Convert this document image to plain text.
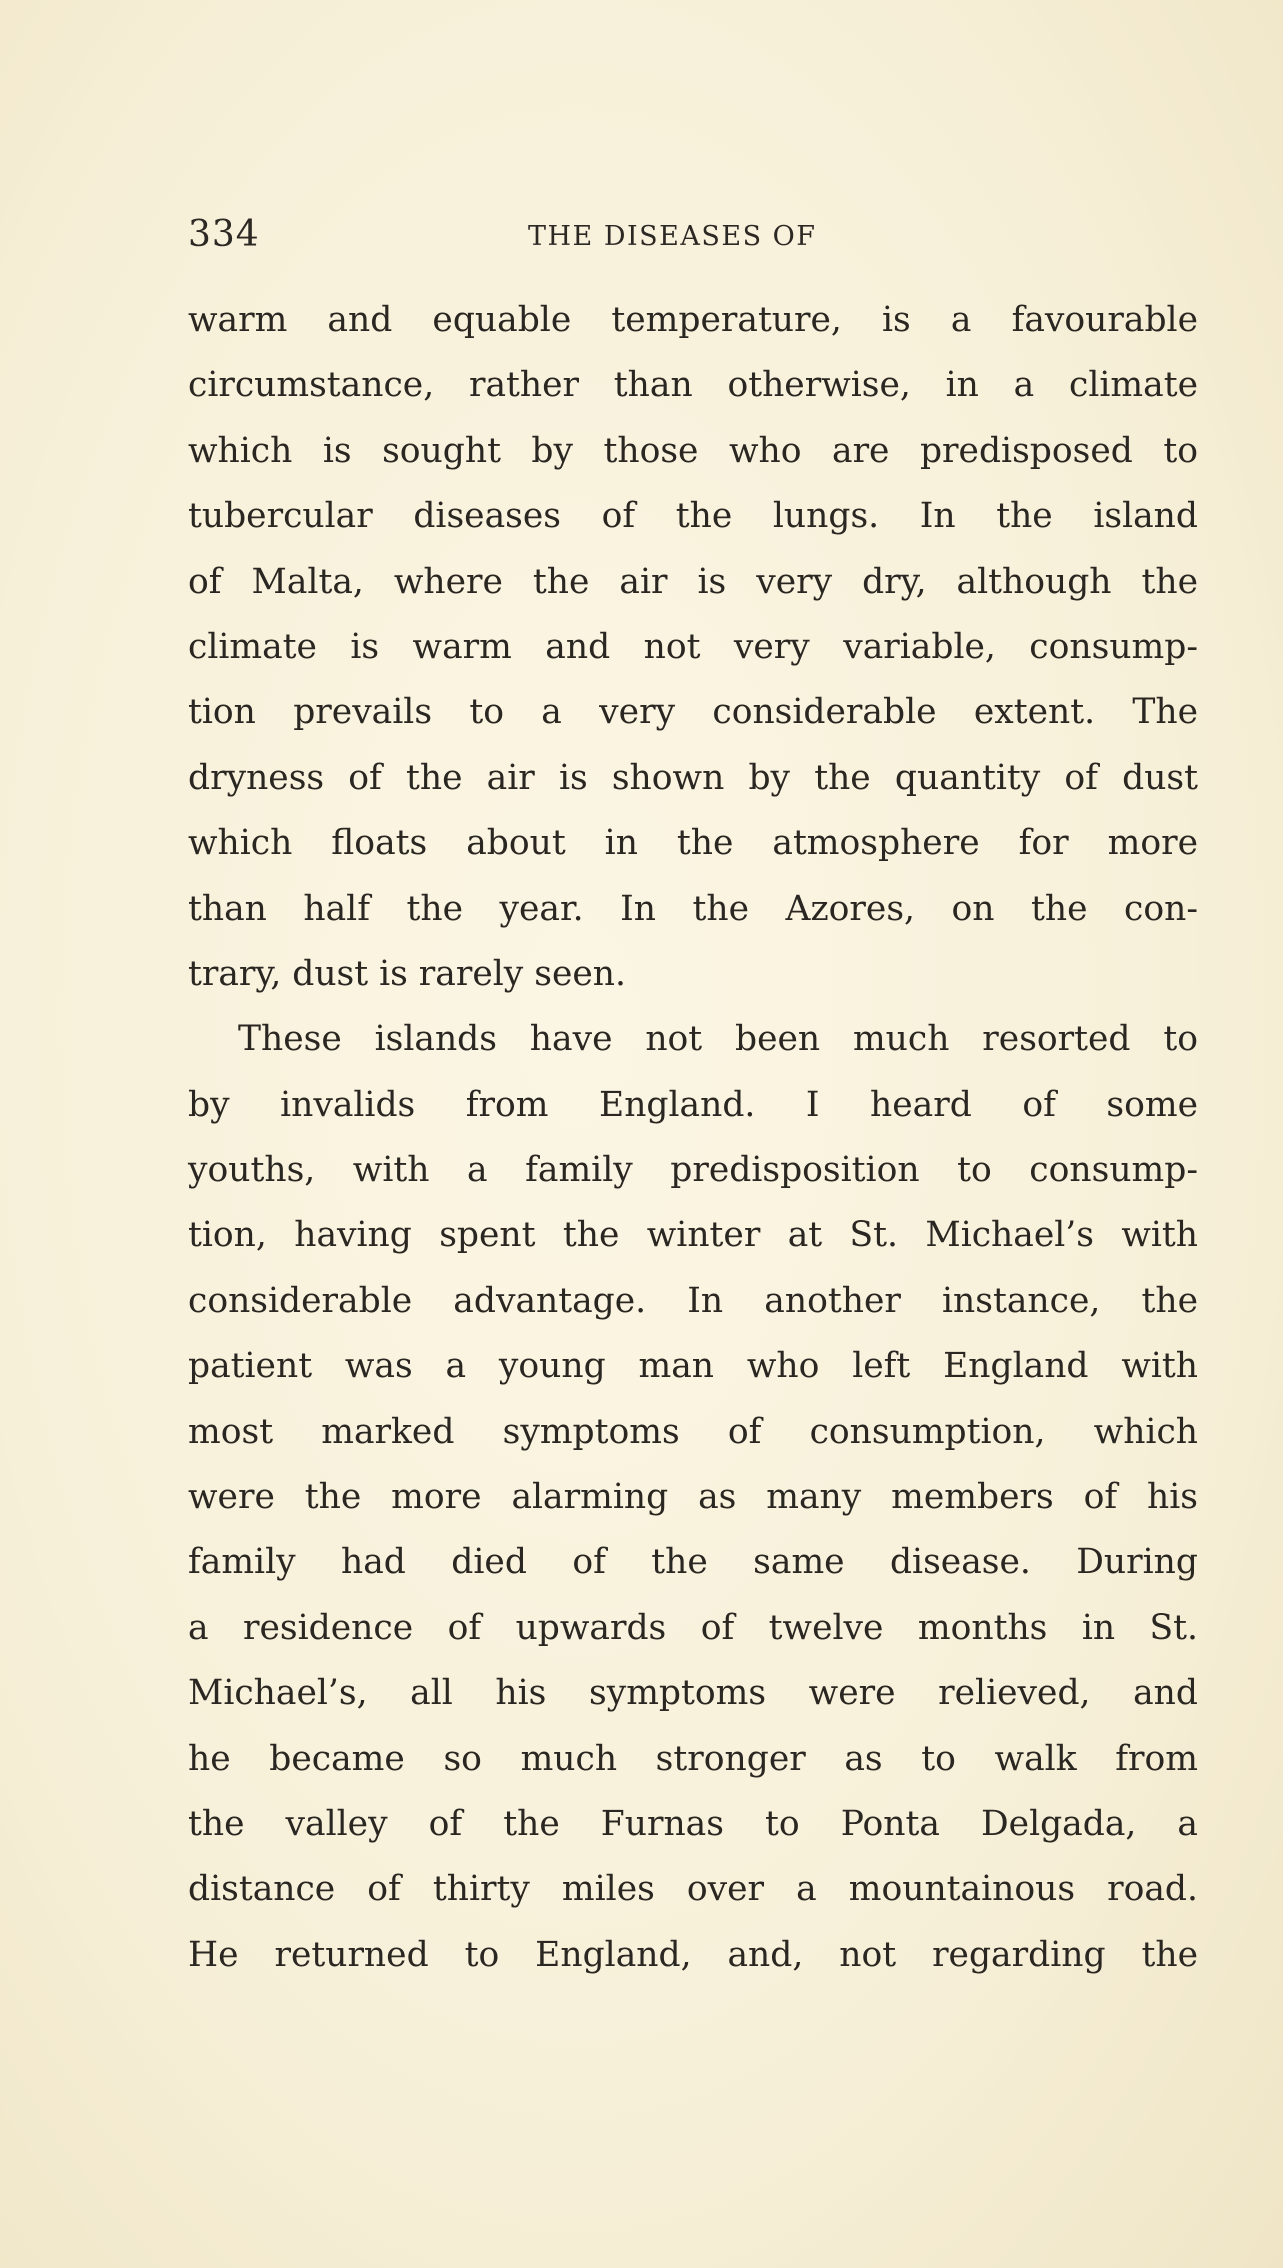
334	THE DISEASES OF
warm and equable temperature, is a favourable
circumstance, rather than otherwise, in a climate
which is sought by those who are predisposed to
tubercular diseases of the lungs. In the island
of Malta, where the air is very dry, although the
climate is warm and not very variable, consump-
tion prevails to a very considerable extent. The
dryness of the air is shown by the quantity of dust
which floats about in the atmosphere for more
than half the year. In the Azores, on the con-
trary, dust is rarely seen.
These islands have not been much resorted to
by invalids from England. I heard of some
youths, with a family predisposition to consump-
tion, having spent the winter at St. Michael’s with
considerable advantage. In another instance, the
patient was a young man who left England with
most marked symptoms of consumption, which
were the more alarming as many members of his
family had died of the same disease. During
a residence of upwards of twelve months in St.
Michael’s, all his symptoms were relieved, and
he became so much stronger as to walk from
the valley of the Furnas to Ponta Delgada, a
distance of thirty miles over a mountainous road.
He returned to England, and, not regarding the
